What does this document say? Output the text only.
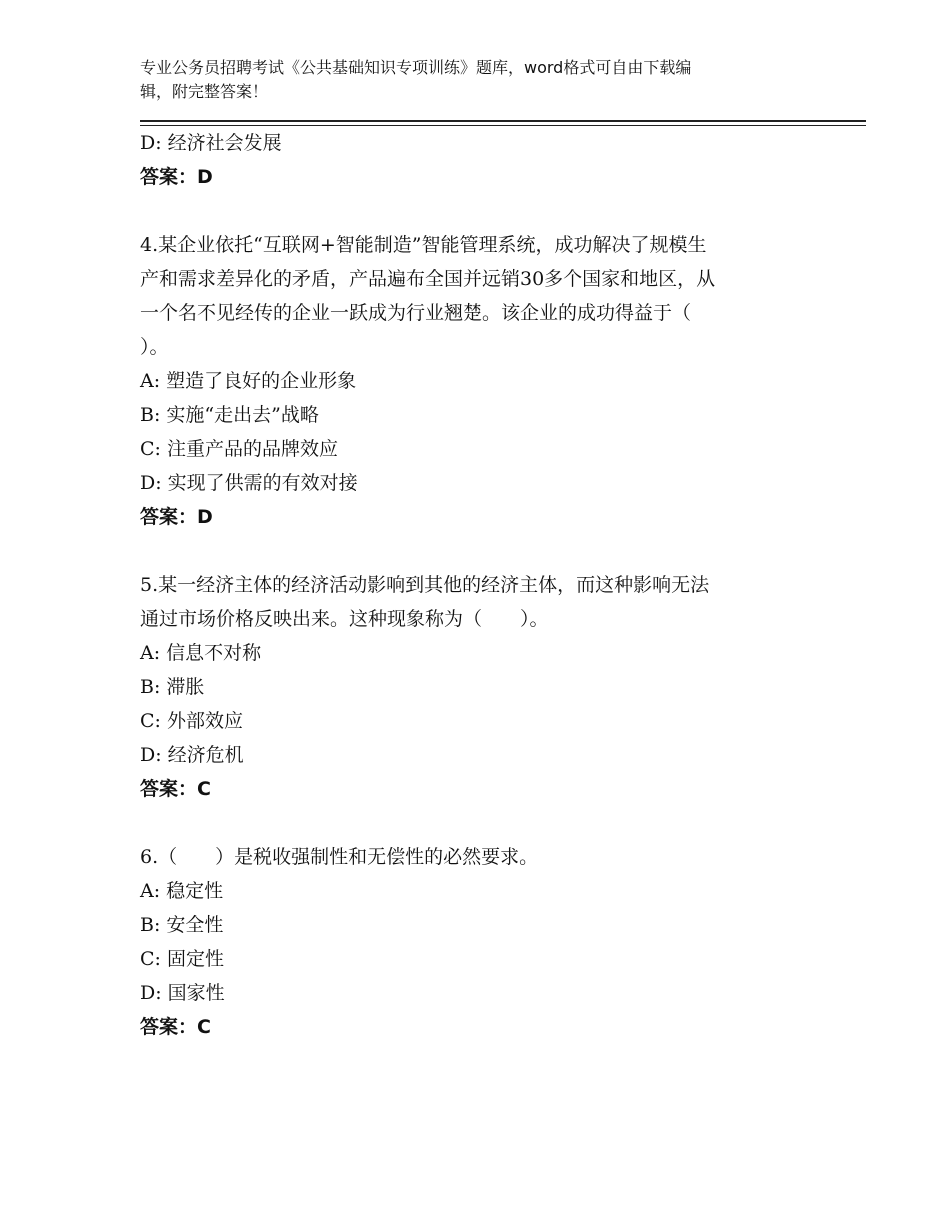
专业公务员招聘考试《公共基础知识专项训练》题库，word格式可自由下载编
辑，附完整答案！
D: 经济社会发展
答案：D
4.某企业依托“互联网+智能制造”智能管理系统，成功解决了规模生
产和需求差异化的矛盾，产品遍布全国并远销30多个国家和地区，从
一个名不见经传的企业一跃成为行业翘楚。该企业的成功得益于（
）。
A: 塑造了良好的企业形象
B: 实施“走出去”战略
C: 注重产品的品牌效应
D: 实现了供需的有效对接
答案：D
5.某一经济主体的经济活动影响到其他的经济主体，而这种影响无法
通过市场价格反映出来。这种现象称为（　　）。
A: 信息不对称
B: 滞胀
C: 外部效应
D: 经济危机
答案：C
6.（　　）是税收强制性和无偿性的必然要求。
A: 稳定性
B: 安全性
C: 固定性
D: 国家性
答案：C
